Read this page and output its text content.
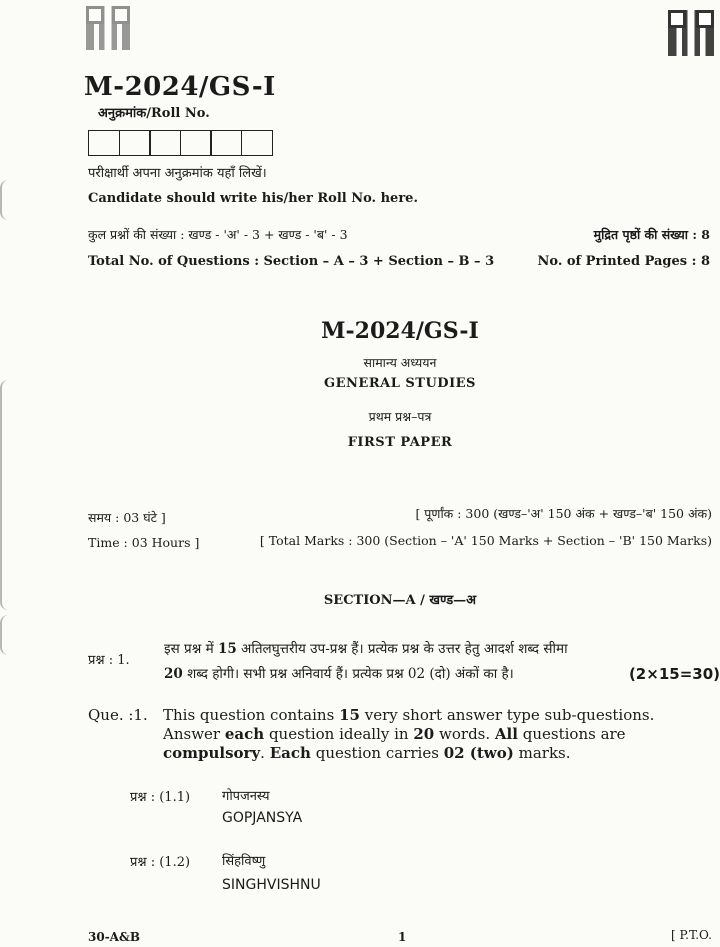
M-2024/GS-I
अनुक्रमांक/Roll No.
परीक्षार्थी अपना अनुक्रमांक यहाँ लिखें।
Candidate should write his/her Roll No. here.
कुल प्रश्नों की संख्या : खण्ड - 'अ' - 3 + खण्ड - 'ब' - 3	मुद्रित पृष्ठों की संख्या : 8
Total No. of Questions : Section – A – 3 + Section – B – 3	No. of Printed Pages : 8
M-2024/GS-I
सामान्य अध्ययन
GENERAL STUDIES
प्रथम प्रश्न–पत्र
FIRST PAPER
समय : 03 घंटे ]	[ पूर्णांक : 300 (खण्ड–'अ' 150 अंक + खण्ड–'ब' 150 अंक)
Time : 03 Hours ]	[ Total Marks : 300 (Section – 'A' 150 Marks + Section – 'B' 150 Marks)
SECTION—A / खण्ड—अ
प्रश्न : 1.
इस प्रश्न में 15 अतिलघुत्तरीय उप-प्रश्न हैं। प्रत्येक प्रश्न के उत्तर हेतु आदर्श शब्द सीमा
20 शब्द होगी। सभी प्रश्न अनिवार्य हैं। प्रत्येक प्रश्न 02 (दो) अंकों का है।	(2×15=30)
Que. :1. This question contains 15 very short answer type sub-questions. Answer each question ideally in 20 words. All questions are compulsory. Each question carries 02 (two) marks.
प्रश्न : (1.1) गोपजनस्य
GOPJANSYA
प्रश्न : (1.2) सिंहविष्णु
SINGHVISHNU
30-A&B	1	[ P.T.O.
